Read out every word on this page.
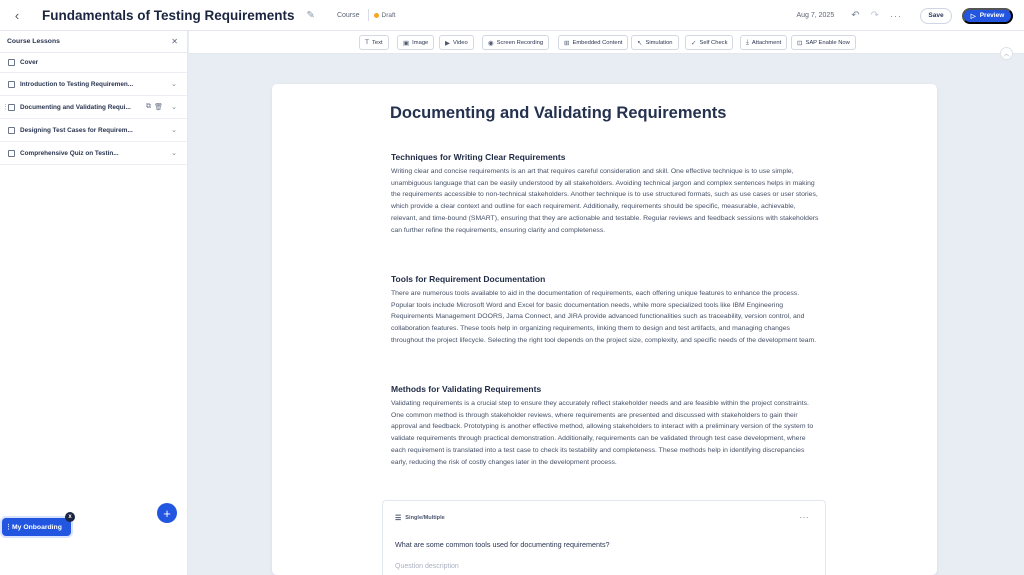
‹ Fundamentals of Testing Requirements ✎	Course	Draft	Aug 7, 2025 ↶ ↷ ···	Save	▷ Preview
Course Lessons	✕
Cover
Introduction to Testing Requiremen...	⌄
⋮ Documenting and Validating Requi... ⧉ 🗑 ⌄
Designing Test Cases for Requirem...	⌄
Comprehensive Quiz on Testin...	⌄
+
⋮ My Onboarding
x
T Text	▣ Image	▶ Video	◉ Screen Recording	⊞ Embedded Content ↖ Simulation	✓ Self Check	⤓ Attachment ⊡ SAP Enable Now
︿
Documenting and Validating Requirements
Techniques for Writing Clear Requirements

Writing clear and concise requirements is an art that requires careful consideration and skill. One effective technique is to use simple, unambiguous language that can be easily understood by all stakeholders. Avoiding technical jargon and complex sentences helps in making the requirements accessible to non-technical stakeholders. Another technique is to use structured formats, such as use cases or user stories, which provide a clear context and outline for each requirement. Additionally, requirements should be specific, measurable, achievable, relevant, and time-bound (SMART), ensuring that they are actionable and testable. Regular reviews and feedback sessions with stakeholders can further refine the requirements, ensuring clarity and completeness.

Tools for Requirement Documentation

There are numerous tools available to aid in the documentation of requirements, each offering unique features to enhance the process. Popular tools include Microsoft Word and Excel for basic documentation needs, while more specialized tools like IBM Engineering Requirements Management DOORS, Jama Connect, and JIRA provide advanced functionalities such as traceability, version control, and collaboration features. These tools help in organizing requirements, linking them to design and test artifacts, and managing changes throughout the project lifecycle. Selecting the right tool depends on the project size, complexity, and specific needs of the development team.

Methods for Validating Requirements

Validating requirements is a crucial step to ensure they accurately reflect stakeholder needs and are feasible within the project constraints. One common method is through stakeholder reviews, where requirements are presented and discussed with stakeholders to gain their approval and feedback. Prototyping is another effective method, allowing stakeholders to interact with a preliminary version of the system to validate requirements through practical demonstration. Additionally, requirements can be validated through test case development, where each requirement is translated into a test case to check its testability and completeness. These methods help in identifying discrepancies early, reducing the risk of costly changes later in the development process.

☰ Single/Multiple	···
What are some common tools used for documenting requirements?
Question description
